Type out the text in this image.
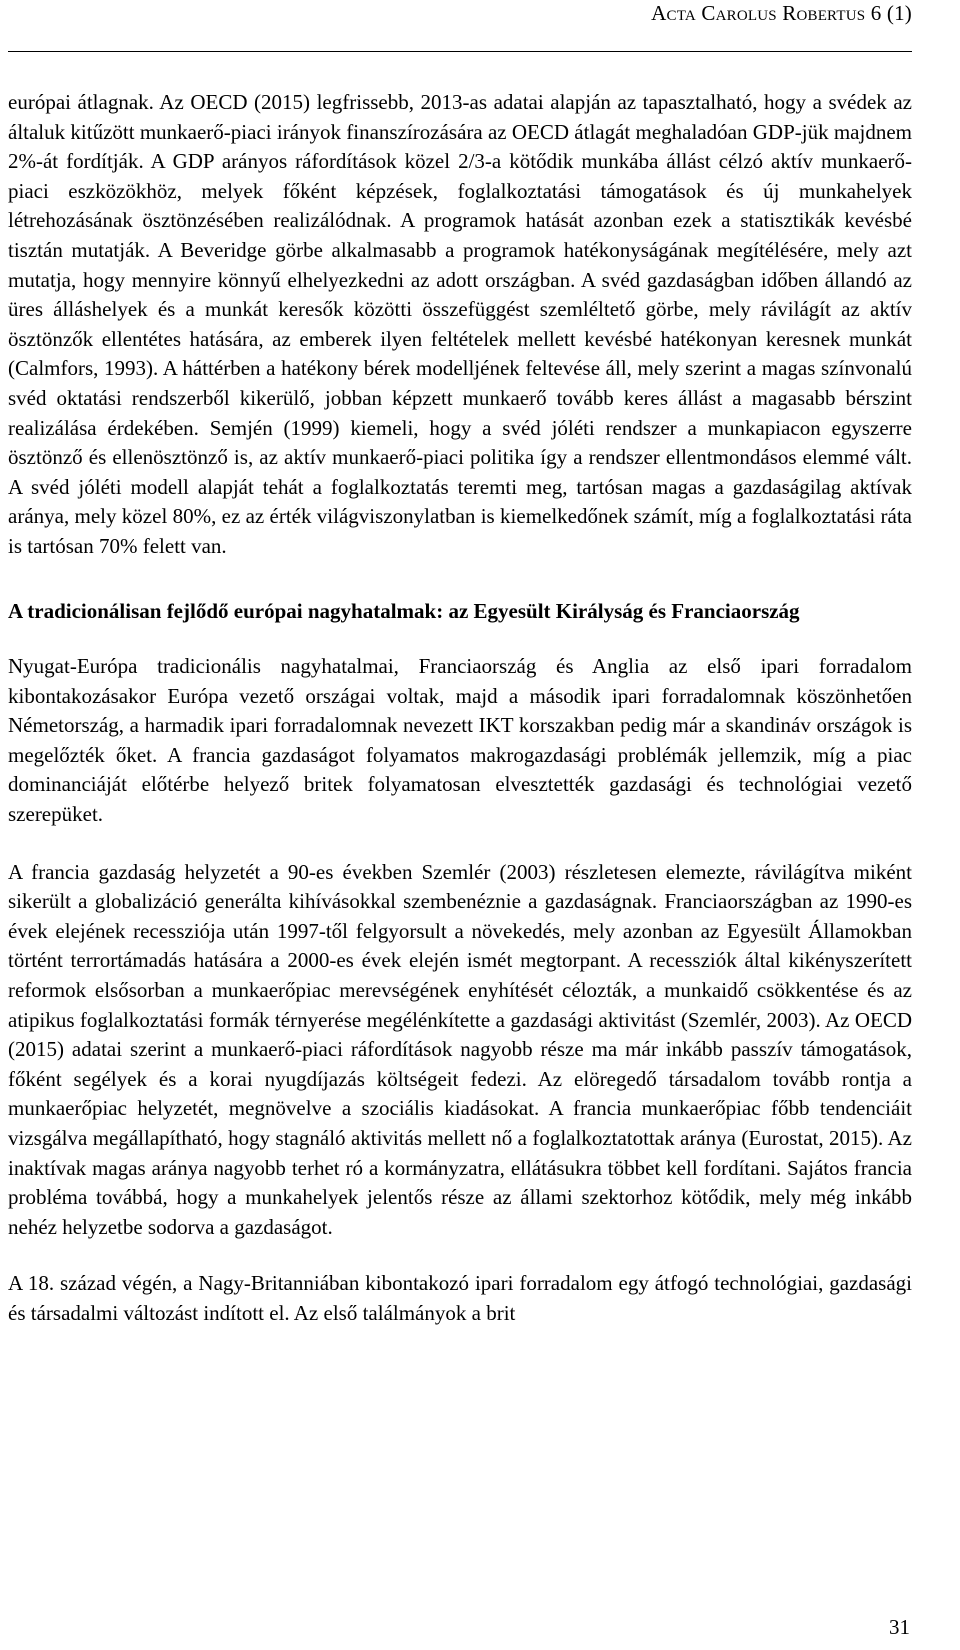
Acta Carolus Robertus 6 (1)

európai átlagnak. Az OECD (2015) legfrissebb, 2013-as adatai alapján az tapasztalható, hogy a svédek az általuk kitűzött munkaerő-piaci irányok finanszírozására az OECD átlagát meghaladóan GDP-jük majdnem 2%-át fordítják. A GDP arányos ráfordítások közel 2/3-a kötődik munkába állást célzó aktív munkaerő-piaci eszközökhöz, melyek főként képzések, foglalkoztatási támogatások és új munkahelyek létrehozásának ösztönzésében realizálódnak. A programok hatását azonban ezek a statisztikák kevésbé tisztán mutatják. A Beveridge görbe alkalmasabb a programok hatékonyságának megítélésére, mely azt mutatja, hogy mennyire könnyű elhelyezkedni az adott országban. A svéd gazdaságban időben állandó az üres álláshelyek és a munkát keresők közötti összefüggést szemléltető görbe, mely rávilágít az aktív ösztönzők ellentétes hatására, az emberek ilyen feltételek mellett kevésbé hatékonyan keresnek munkát (Calmfors, 1993). A háttérben a hatékony bérek modelljének feltevése áll, mely szerint a magas színvonalú svéd oktatási rendszerből kikerülő, jobban képzett munkaerő tovább keres állást a magasabb bérszint realizálása érdekében. Semjén (1999) kiemeli, hogy a svéd jóléti rendszer a munkapiacon egyszerre ösztönző és ellenösztönző is, az aktív munkaerő-piaci politika így a rendszer ellentmondásos elemmé vált. A svéd jóléti modell alapját tehát a foglalkoztatás teremti meg, tartósan magas a gazdaságilag aktívak aránya, mely közel 80%, ez az érték világviszonylatban is kiemelkedőnek számít, míg a foglalkoztatási ráta is tartósan 70% felett van.

A tradicionálisan fejlődő európai nagyhatalmak: az Egyesült Királyság és Franciaország

Nyugat-Európa tradicionális nagyhatalmai, Franciaország és Anglia az első ipari forradalom kibontakozásakor Európa vezető országai voltak, majd a második ipari forradalomnak köszönhetően Németország, a harmadik ipari forradalomnak nevezett IKT korszakban pedig már a skandináv országok is megelőzték őket. A francia gazdaságot folyamatos makrogazdasági problémák jellemzik, míg a piac dominanciáját előtérbe helyező britek folyamatosan elvesztették gazdasági és technológiai vezető szerepüket.

A francia gazdaság helyzetét a 90-es években Szemlér (2003) részletesen elemezte, rávilágítva miként sikerült a globalizáció generálta kihívásokkal szembenézniе a gazdaságnak. Franciaországban az 1990-es évek elejének recessziója után 1997-től felgyorsult a növekedés, mely azonban az Egyesült Államokban történt terrortámadás hatására a 2000-es évek elején ismét megtorpant. A recessziók által kikényszerített reformok elsősorban a munkaerőpiac merevségének enyhítését célozták, a munkaidő csökkentése és az atipikus foglalkoztatási formák térnyerése megélénkítette a gazdasági aktivitást (Szemlér, 2003). Az OECD (2015) adatai szerint a munkaerő-piaci ráfordítások nagyobb része ma már inkább passzív támogatások, főként segélyek és a korai nyugdíjazás költségeit fedezi. Az elöregedő társadalom tovább rontja a munkaerőpiac helyzetét, megnövelve a szociális kiadásokat. A francia munkaerőpiac főbb tendenciáit vizsgálva megállapítható, hogy stagnáló aktivitás mellett nő a foglalkoztatottak aránya (Eurostat, 2015). Az inaktívak magas aránya nagyobb terhet ró a kormányzatra, ellátásukra többet kell fordítani. Sajátos francia probléma továbbá, hogy a munkahelyek jelentős része az állami szektorhoz kötődik, mely még inkább nehéz helyzetbe sodorva a gazdaságot.

A 18. század végén, a Nagy-Britanniában kibontakozó ipari forradalom egy átfogó technológiai, gazdasági és társadalmi változást indított el. Az első találmányok a brit

31
